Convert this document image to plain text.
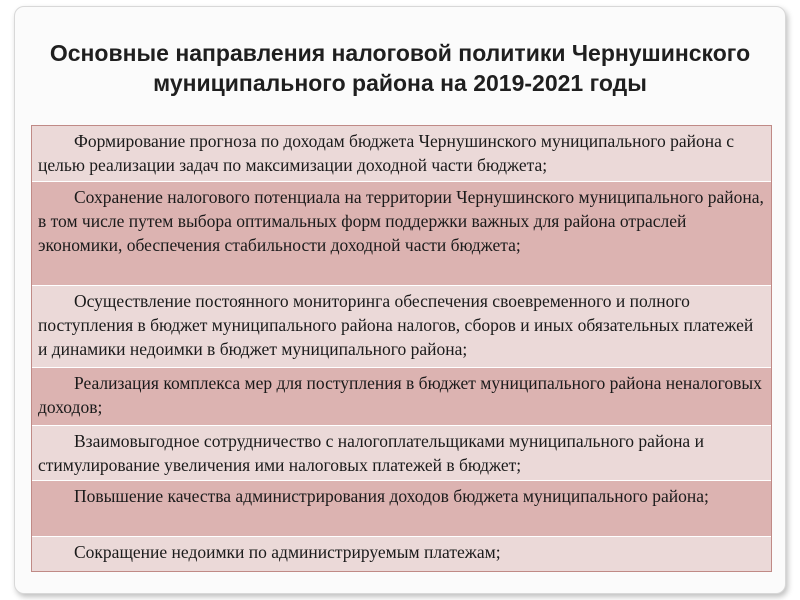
Основные направления налоговой политики Чернушинского муниципального района на 2019-2021 годы
Формирование прогноза по доходам бюджета Чернушинского муниципального района с целью реализации задач по максимизации доходной части бюджета;
Сохранение налогового потенциала на территории Чернушинского муниципального района, в том числе путем выбора оптимальных форм поддержки важных для района отраслей экономики, обеспечения стабильности доходной части бюджета;
Осуществление постоянного мониторинга обеспечения своевременного и полного поступления в бюджет муниципального района налогов, сборов и иных обязательных платежей и динамики недоимки в бюджет муниципального района;
Реализация комплекса мер для поступления в бюджет муниципального района неналоговых доходов;
Взаимовыгодное сотрудничество с налогоплательщиками муниципального района и стимулирование увеличения ими налоговых платежей в бюджет;
Повышение качества администрирования доходов бюджета муниципального района;
Сокращение недоимки по администрируемым платежам;
